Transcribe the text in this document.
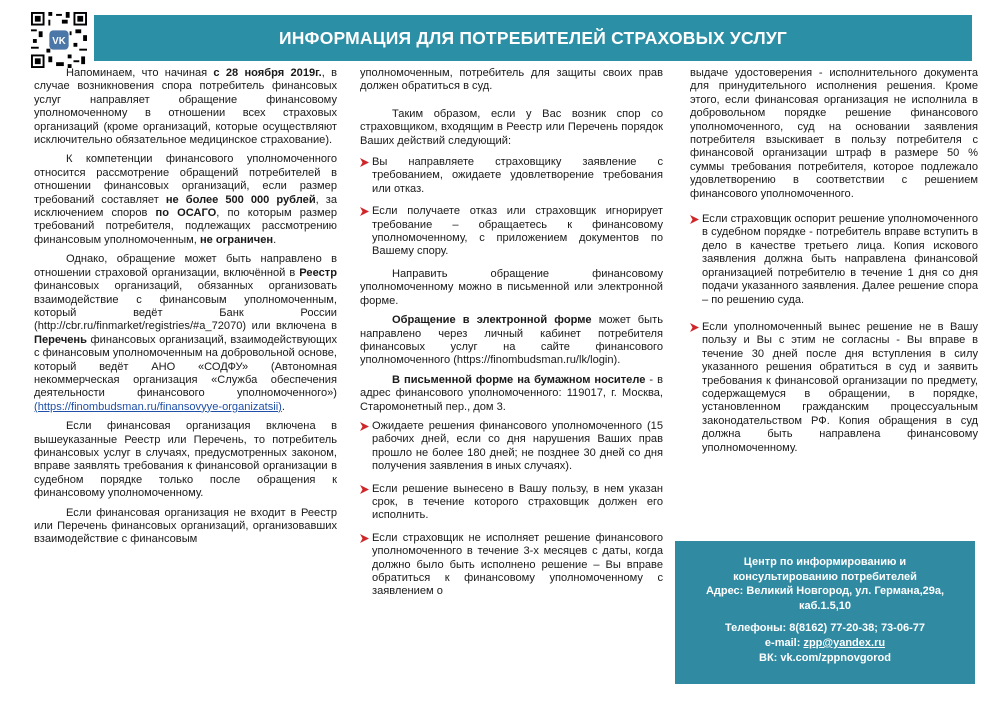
VK	ИНФОРМАЦИЯ ДЛЯ ПОТРЕБИТЕЛЕЙ СТРАХОВЫХ УСЛУГ

Напоминаем, что начиная с 28 ноября 2019г., в случае возникновения спора потребитель финансовых услуг направляет обращение финансовому уполномоченному в отношении всех страховых организаций (кроме организаций, которые осуществляют исключительно обязательное медицинское страхование).

К компетенции финансового уполномоченного относится рассмотрение обращений потребителей в отношении финансовых организаций, если размер требований составляет не более 500 000 рублей, за исключением споров по ОСАГО, по которым размер требований потребителя, подлежащих рассмотрению финансовым уполномоченным, не ограничен.

Однако, обращение может быть направлено в отношении страховой организации, включённой в Реестр финансовых организаций, обязанных организовать взаимодействие с финансовым уполномоченным, который ведёт Банк России (http://cbr.ru/finmarket/registries/#a_72070) или включена в Перечень финансовых организаций, взаимодействующих с финансовым уполномоченным на добровольной основе, который ведёт АНО «СОДФУ» (Автономная некоммерческая организация «Служба обеспечения деятельности финансового уполномоченного»)(https://finombudsman.ru/finansovyye-organizatsii).

Если финансовая организация включена в вышеуказанные Реестр или Перечень, то потребитель финансовых услуг в случаях, предусмотренных законом, вправе заявлять требования к финансовой организации в судебном порядке только после обращения к финансовому уполномоченному.

Если финансовая организация не входит в Реестр или Перечень финансовых организаций, организовавших взаимодействие с финансовым

уполномоченным, потребитель для защиты своих прав должен обратиться в суд.

Таким образом, если у Вас возник спор со страховщиком, входящим в Реестр или Перечень порядок Ваших действий следующий:

Вы направляете страховщику заявление с требованием, ожидаете удовлетворение требования или отказ.
Если получаете отказ или страховщик игнорирует требование – обращаетесь к финансовому уполномоченному, с приложением документов по Вашему спору.

Направить обращение финансовому уполномоченному можно в письменной или электронной форме.

Обращение в электронной форме может быть направлено через личный кабинет потребителя финансовых услуг на сайте финансового уполномоченного (https://finombudsman.ru/lk/login).

В письменной форме на бумажном носителе - в адрес финансового уполномоченного: 119017, г. Москва, Старомонетный пер., дом 3.

Ожидаете решения финансового уполномоченного (15 рабочих дней, если со дня нарушения Ваших прав прошло не более 180 дней; не позднее 30 дней со дня получения заявления в иных случаях).
Если решение вынесено в Вашу пользу, в нем указан срок, в течение которого страховщик должен его исполнить.
Если страховщик не исполняет решение финансового уполномоченного в течение 3-х месяцев с даты, когда должно было быть исполнено решение – Вы вправе обратиться к финансовому уполномоченному с заявлением о

выдаче удостоверения - исполнительного документа для принудительного исполнения решения. Кроме этого, если финансовая организация не исполнила в добровольном порядке решение финансового уполномоченного, суд на основании заявления потребителя взыскивает в пользу потребителя с финансовой организации штраф в размере 50 % суммы требования потребителя, которое подлежало удовлетворению в соответствии с решением финансового уполномоченного.

Если страховщик оспорит решение уполномоченного в судебном порядке - потребитель вправе вступить в дело в качестве третьего лица. Копия искового заявления должна быть направлена финансовой организацией потребителю в течение 1 дня со дня подачи указанного заявления. Далее решение спора – по решению суда.
Если уполномоченный вынес решение не в Вашу пользу и Вы с этим не согласны - Вы вправе в течение 30 дней после дня вступления в силу указанного решения обратиться в суд и заявить требования к финансовой организации по предмету, содержащемуся в обращении, в порядке, установленном гражданским процессуальным законодательством РФ. Копия обращения в суд должна быть направлена финансовому уполномоченному.
Центр по информированию и
консультированию потребителей
Адрес: Великий Новгород, ул. Германа,29а,
каб.1.5,10
Телефоны: 8(8162) 77-20-38; 73-06-77
e-mail: zpp@yandex.ru
ВК: vk.com/zppnovgorod
